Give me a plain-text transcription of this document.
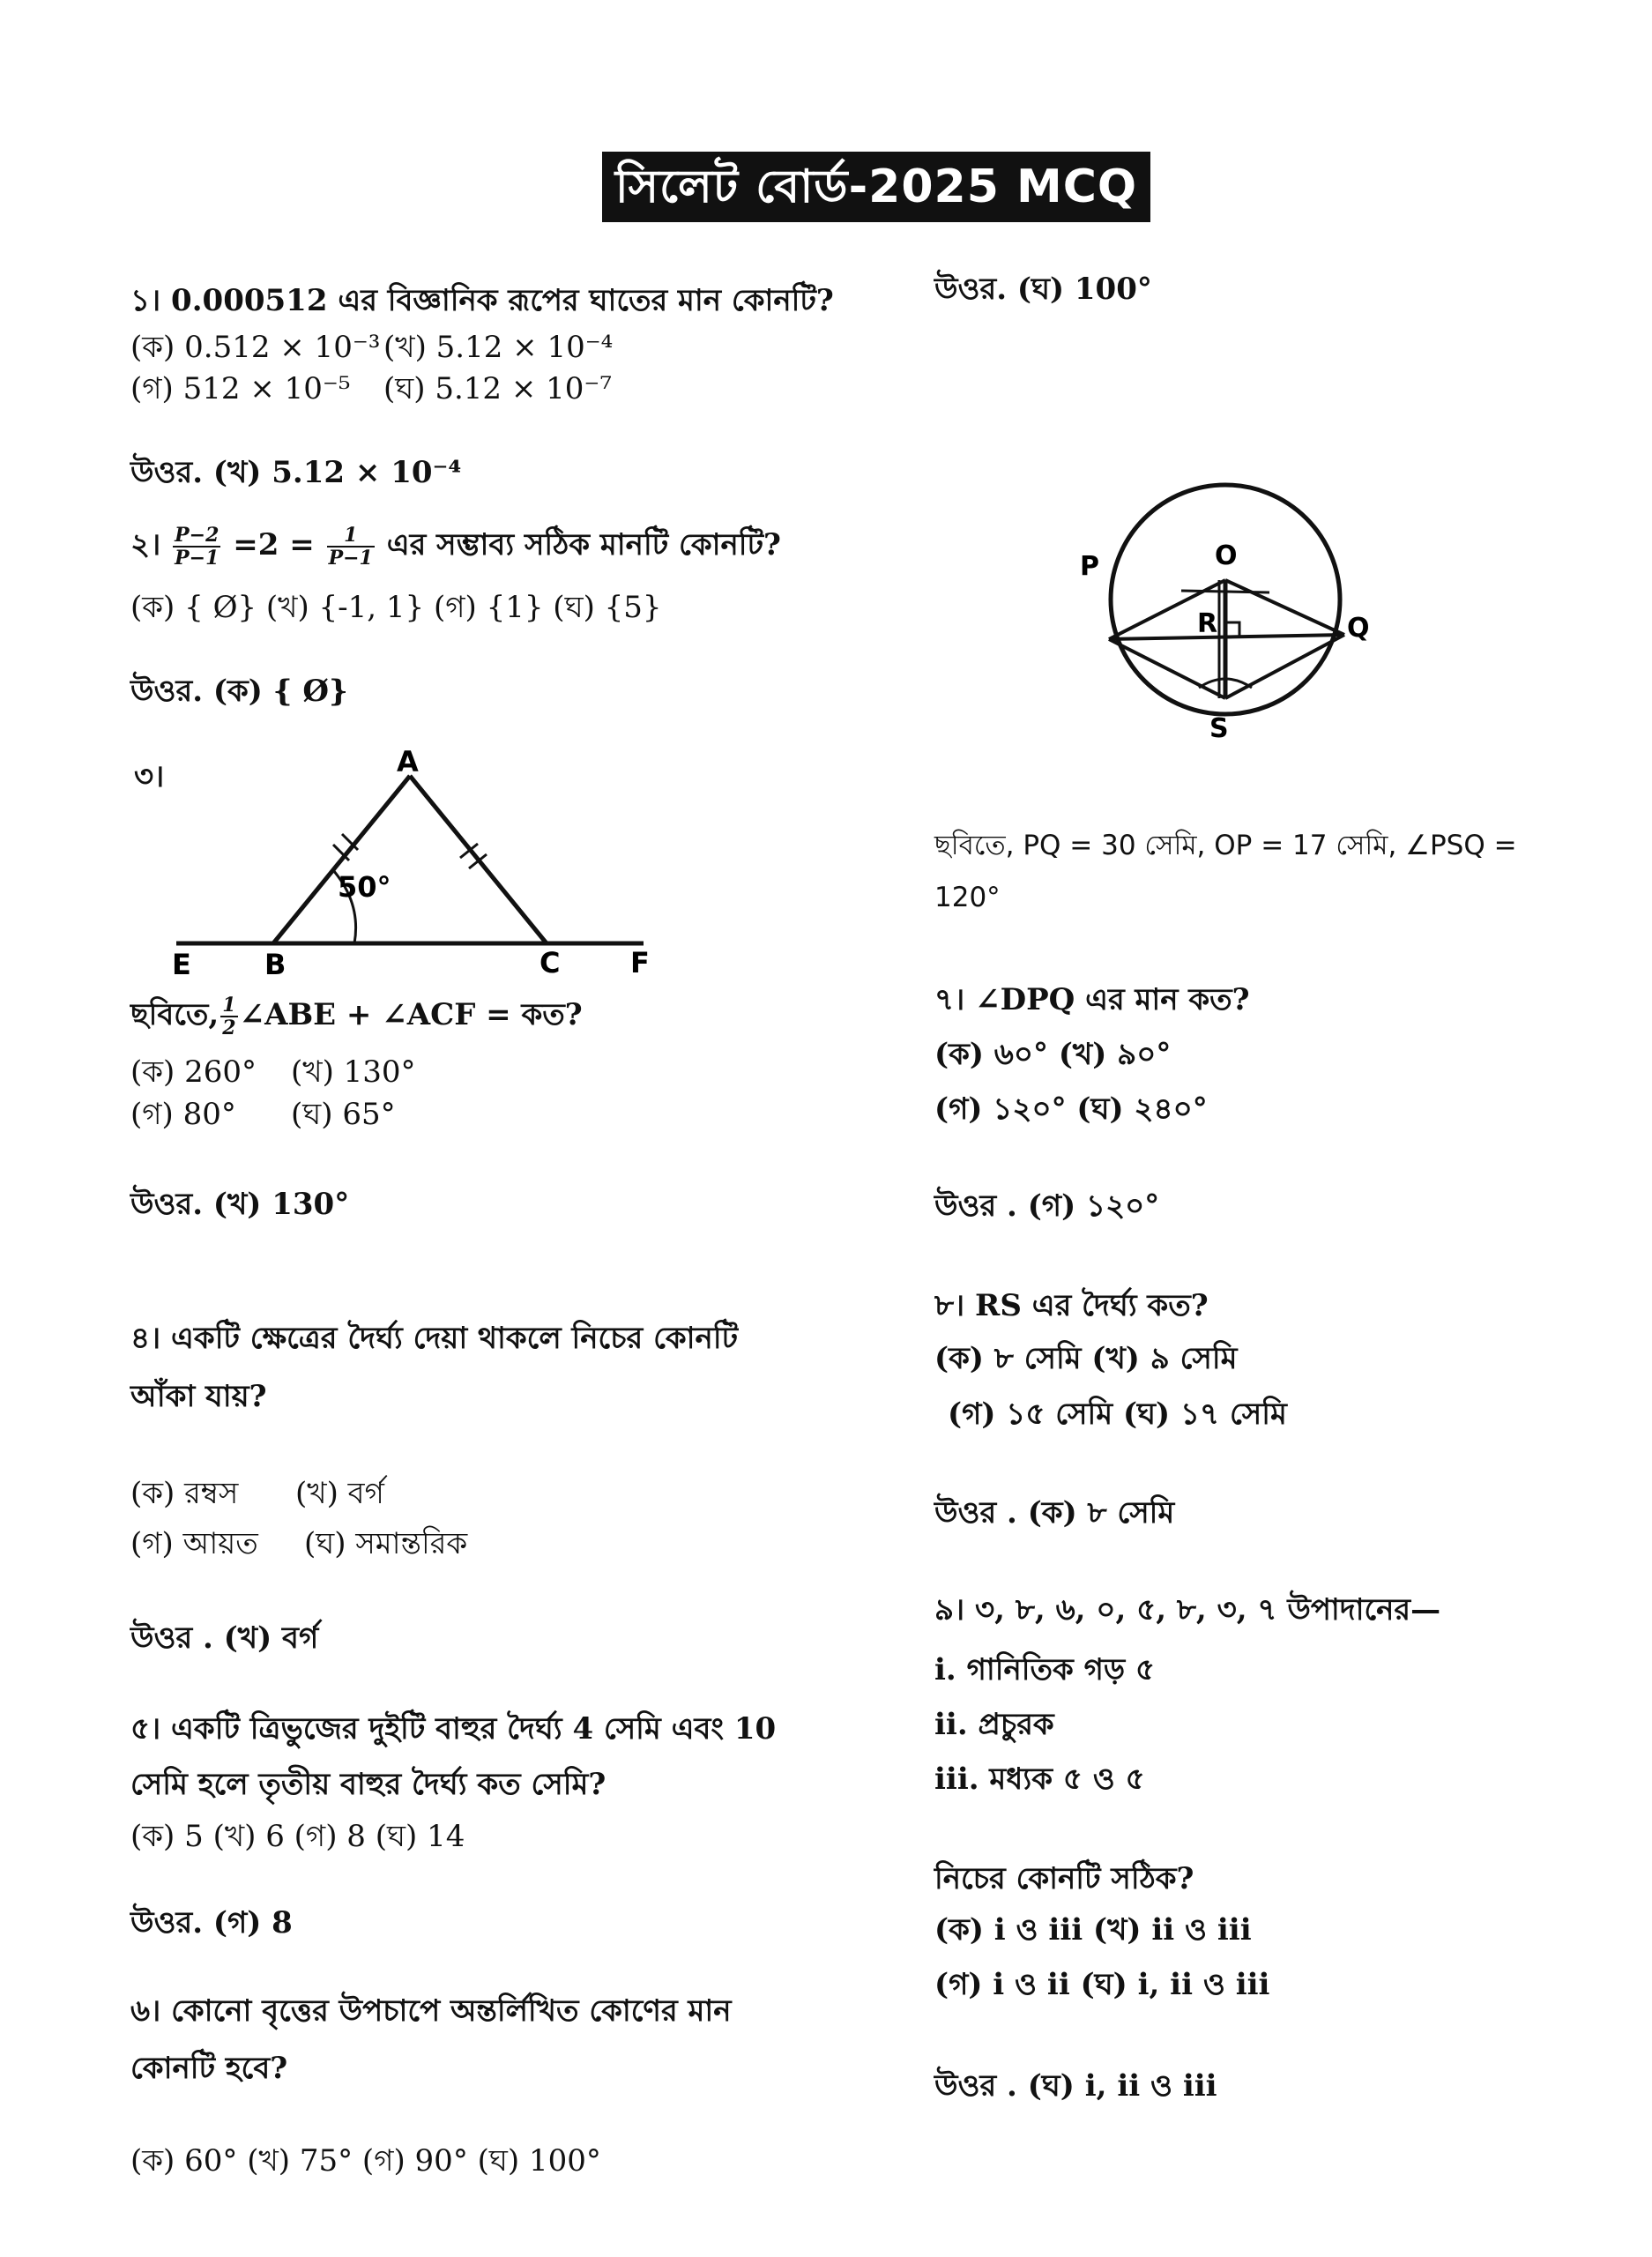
সিলেট বোর্ড-2025 MCQ
১। 0.000512 এর বিজ্ঞানিক রূপের ঘাতের মান কোনটি?
(ক) 0.512 × 10⁻³ (খ) 5.12 × 10⁻⁴
(গ) 512 × 10⁻⁵ (ঘ) 5.12 × 10⁻⁷
উওর. (খ) 5.12 × 10⁻⁴
২। $\frac{P-2}{P-1} =2 = \frac{1}{P-1}$ এর সম্ভাব্য সঠিক মানটি কোনটি?
(ক) { Ø} (খ) {-1, 1} (গ) {1} (ঘ) {5}
উওর. (ক) { Ø}
৩।	A
B	C
E	F
50°
ছবিতে, $\frac{1}{2}$ ∠ABE + ∠ACF = কত?
(ক) 260° (খ) 130°
(গ) 80° (ঘ) 65°
উওর. (খ) 130°
৪। একটি ক্ষেত্রের দৈর্ঘ্য দেয়া থাকলে নিচের কোনটি
আঁকা যায়?
(ক) রম্বস (খ) বর্গ
(গ) আয়ত (ঘ) সমান্তরিক
উওর . (খ) বর্গ
৫। একটি ত্রিভুজের দুইটি বাহুর দৈর্ঘ্য 4 সেমি এবং 10
সেমি হলে তৃতীয় বাহুর দৈর্ঘ্য কত সেমি?
(ক) 5 (খ) 6 (গ) 8 (ঘ) 14
উওর. (গ) 8
৬। কোনো বৃত্তের উপচাপে অন্তর্লিখিত কোণের মান
কোনটি হবে?
(ক) 60° (খ) 75° (গ) 90° (ঘ) 100°
উওর. (ঘ) 100°
O
P
Q
R
S
ছবিতে, PQ = 30 সেমি, OP = 17 সেমি, ∠PSQ =
120°
৭। ∠DPQ এর মান কত?
(ক) ৬০° (খ) ৯০°
(গ) ১২০° (ঘ) ২৪০°
উওর . (গ) ১২০°
৮। RS এর দৈর্ঘ্য কত?
(ক) ৮ সেমি (খ) ৯ সেমি
(গ) ১৫ সেমি (ঘ) ১৭ সেমি
উওর . (ক) ৮ সেমি
৯। ৩, ৮, ৬, ০, ৫, ৮, ৩, ৭ উপাদানের—
i. গানিতিক গড় ৫
ii. প্রচুরক
iii. মধ্যক ৫ ও ৫
নিচের কোনটি সঠিক?
(ক) i ও iii (খ) ii ও iii
(গ) i ও ii (ঘ) i, ii ও iii
উওর . (ঘ) i, ii ও iii
